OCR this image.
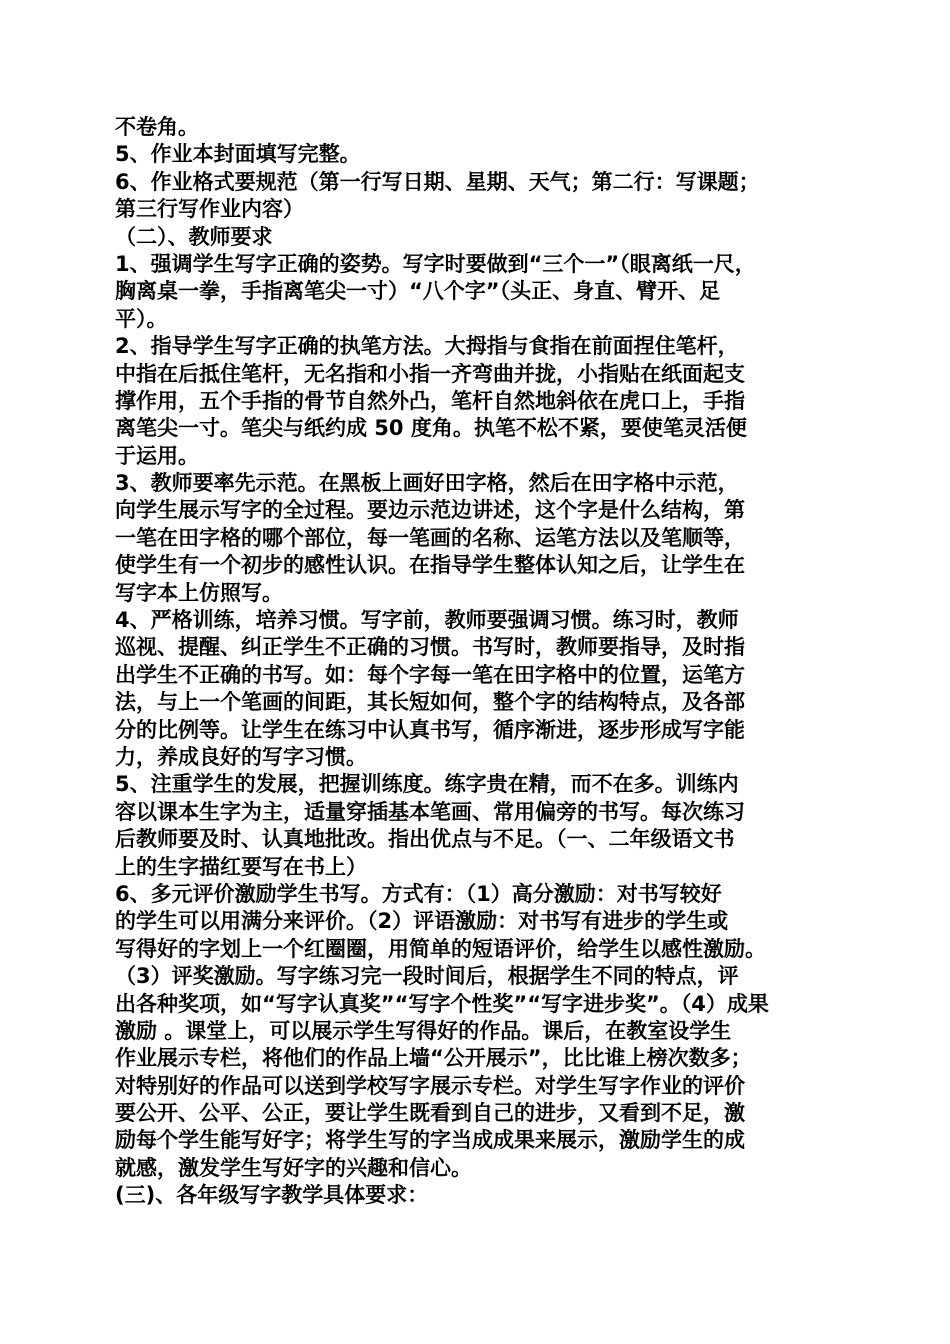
不卷角。
5、作业本封面填写完整。
6、作业格式要规范（第一行写日期、星期、天气；第二行：写课题；
第三行写作业内容）
（二）、教师要求
1、强调学生写字正确的姿势。写字时要做到“三个一”（眼离纸一尺，
胸离桌一拳，手指离笔尖一寸）“八个字”（头正、身直、臂开、足
平）。
2、指导学生写字正确的执笔方法。大拇指与食指在前面捏住笔杆，
中指在后抵住笔杆，无名指和小指一齐弯曲并拢，小指贴在纸面起支
撑作用，五个手指的骨节自然外凸，笔杆自然地斜依在虎口上，手指
离笔尖一寸。笔尖与纸约成 50 度角。执笔不松不紧，要使笔灵活便
于运用。
3、教师要率先示范。在黑板上画好田字格，然后在田字格中示范，
向学生展示写字的全过程。要边示范边讲述，这个字是什么结构，第
一笔在田字格的哪个部位，每一笔画的名称、运笔方法以及笔顺等，
使学生有一个初步的感性认识。在指导学生整体认知之后，让学生在
写字本上仿照写。
4、严格训练，培养习惯。写字前，教师要强调习惯。练习时，教师
巡视、提醒、纠正学生不正确的习惯。书写时，教师要指导，及时指
出学生不正确的书写。如：每个字每一笔在田字格中的位置，运笔方
法，与上一个笔画的间距，其长短如何，整个字的结构特点，及各部
分的比例等。让学生在练习中认真书写，循序渐进，逐步形成写字能
力，养成良好的写字习惯。
5、注重学生的发展，把握训练度。练字贵在精，而不在多。训练内
容以课本生字为主，适量穿插基本笔画、常用偏旁的书写。每次练习
后教师要及时、认真地批改。指出优点与不足。（一、二年级语文书
上的生字描红要写在书上）
6、多元评价激励学生书写。方式有：（1）高分激励：对书写较好
的学生可以用满分来评价。（2）评语激励：对书写有进步的学生或
写得好的字划上一个红圈圈，用简单的短语评价，给学生以感性激励。
（3）评奖激励。写字练习完一段时间后，根据学生不同的特点，评
出各种奖项，如“写字认真奖”“写字个性奖”“写字进步奖”。（4）成果
激励 。课堂上，可以展示学生写得好的作品。课后，在教室设学生
作业展示专栏，将他们的作品上墙“公开展示”，比比谁上榜次数多；
对特别好的作品可以送到学校写字展示专栏。对学生写字作业的评价
要公开、公平、公正，要让学生既看到自己的进步，又看到不足，激
励每个学生能写好字；将学生写的字当成成果来展示，激励学生的成
就感，激发学生写好字的兴趣和信心。
(三)、各年级写字教学具体要求：
